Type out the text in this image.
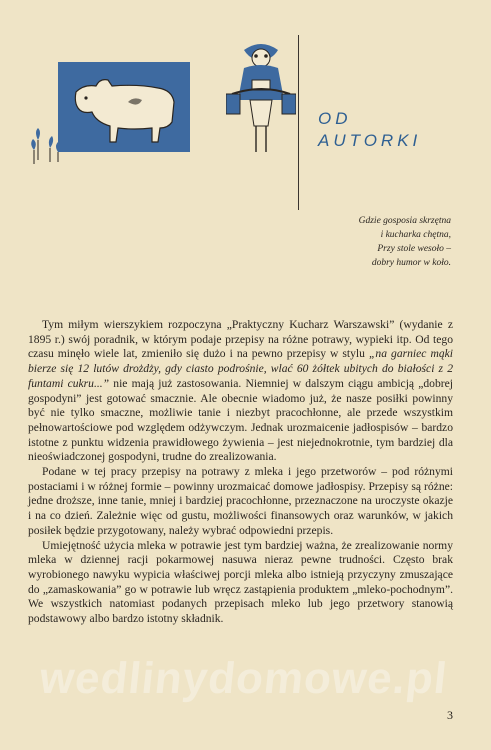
OD
AUTORKI
Gdzie gosposia skrzętna
i kucharka chętna,
Przy stole wesoło –
dobry humor w koło.

Tym miłym wierszykiem rozpoczyna „Praktyczny Kucharz Warszawski” (wydanie z 1895 r.) swój poradnik, w którym podaje przepisy na różne potrawy, wypieki itp. Od tego czasu minęło wiele lat, zmieniło się dużo i na pewno przepisy w stylu „na garniec mąki bierze się 12 lutów drożdży, gdy ciasto podrośnie, wlać 60 żółtek ubitych do białości z 2 funtami cukru...” nie mają już zastosowania. Niemniej w dalszym ciągu ambicją „dobrej gospodyni” jest gotować smacznie. Ale obecnie wiadomo już, że nasze posiłki powinny być nie tylko smaczne, możliwie tanie i niezbyt pracochłonne, ale przede wszystkim pełnowartościowe pod względem odżywczym. Jednak urozmaicenie jadłospisów – bardzo istotne z punktu widzenia prawidłowego żywienia – jest niejednokrotnie, tym bardziej dla nieoświadczonej gospodyni, trudne do zrealizowania.

Podane w tej pracy przepisy na potrawy z mleka i jego przetworów – pod różnymi postaciami i w różnej formie – powinny urozmaicać domowe jadłospisy. Przepisy są różne: jedne droższe, inne tanie, mniej i bardziej pracochłonne, przeznaczone na uroczyste okazje i na co dzień. Zależnie więc od gustu, możliwości finansowych oraz warunków, w jakich posiłek będzie przygotowany, należy wybrać odpowiedni przepis.

Umiejętność użycia mleka w potrawie jest tym bardziej ważna, że zrealizowanie normy mleka w dziennej racji pokarmowej nasuwa nieraz pewne trudności. Często brak wyrobionego nawyku wypicia właściwej porcji mleka albo istnieją przyczyny zmuszające do „zamaskowania” go w potrawie lub wręcz zastąpienia produktem „mleko-pochodnym”. We wszystkich natomiast podanych przepisach mleko lub jego przetwory stanowią podstawowy albo bardzo istotny składnik.

wedlinydomowe.pl
3
